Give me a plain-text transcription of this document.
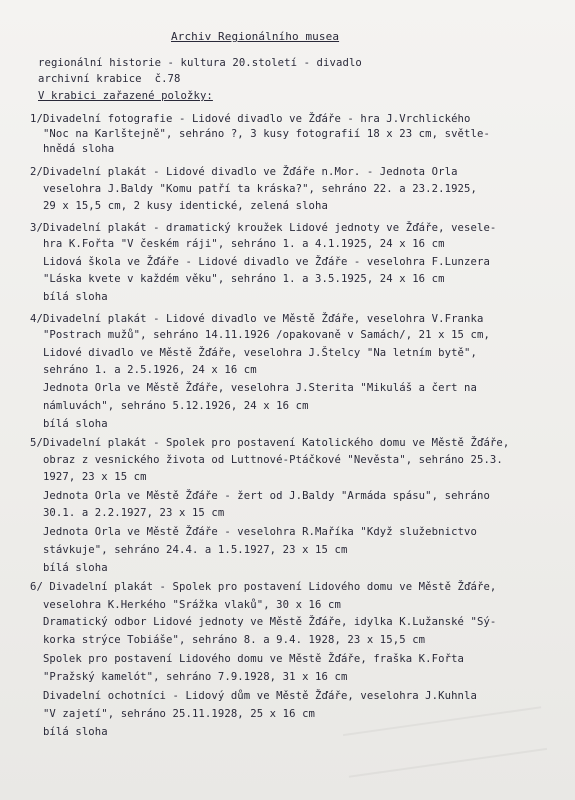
Archiv Regionálního musea
regionální historie - kultura 20.století - divadlo
archivní krabice  č.78
V krabici zařazené položky:
1/Divadelní fotografie - Lidové divadlo ve Žďáře - hra J.Vrchlického
"Noc na Karlštejně", sehráno ?, 3 kusy fotografií 18 x 23 cm, světle-
hnědá sloha
2/Divadelní plakát - Lidové divadlo ve Žďáře n.Mor. - Jednota Orla
veselohra J.Baldy "Komu patří ta kráska?", sehráno 22. a 23.2.1925,
29 x 15,5 cm, 2 kusy identické, zelená sloha
3/Divadelní plakát - dramatický kroužek Lidové jednoty ve Žďáře, vesele-
hra K.Fořta "V českém ráji", sehráno 1. a 4.1.1925, 24 x 16 cm
Lidová škola ve Žďáře - Lidové divadlo ve Žďáře - veselohra F.Lunzera
"Láska kvete v každém věku", sehráno 1. a 3.5.1925, 24 x 16 cm
bílá sloha
4/Divadelní plakát - Lidové divadlo ve Městě Žďáře, veselohra V.Franka
"Postrach mužů", sehráno 14.11.1926 /opakovaně v Samách/, 21 x 15 cm,
Lidové divadlo ve Městě Žďáře, veselohra J.Štelcy "Na letním bytě",
sehráno 1. a 2.5.1926, 24 x 16 cm
Jednota Orla ve Městě Žďáře, veselohra J.Sterita "Mikuláš a čert na
námluvách", sehráno 5.12.1926, 24 x 16 cm
bílá sloha
5/Divadelní plakát - Spolek pro postavení Katolického domu ve Městě Žďáře,
obraz z vesnického života od Luttnové-Ptáčkové "Nevěsta", sehráno 25.3.
1927, 23 x 15 cm
Jednota Orla ve Městě Žďáře - žert od J.Baldy "Armáda spásu", sehráno
30.1. a 2.2.1927, 23 x 15 cm
Jednota Orla ve Městě Žďáře - veselohra R.Maříka "Když služebnictvo
stávkuje", sehráno 24.4. a 1.5.1927, 23 x 15 cm
bílá sloha
6/ Divadelní plakát - Spolek pro postavení Lidového domu ve Městě Žďáře,
veselohra K.Herkého "Srážka vlaků", 30 x 16 cm
Dramatický odbor Lidové jednoty ve Městě Žďáře, idylka K.Lužanské "Sý-
korka strýce Tobiáše", sehráno 8. a 9.4. 1928, 23 x 15,5 cm
Spolek pro postavení Lidového domu ve Městě Žďáře, fraška K.Fořta
"Pražský kamelót", sehráno 7.9.1928, 31 x 16 cm
Divadelní ochotníci - Lidový dům ve Městě Žďáře, veselohra J.Kuhnla
"V zajetí", sehráno 25.11.1928, 25 x 16 cm
bílá sloha
